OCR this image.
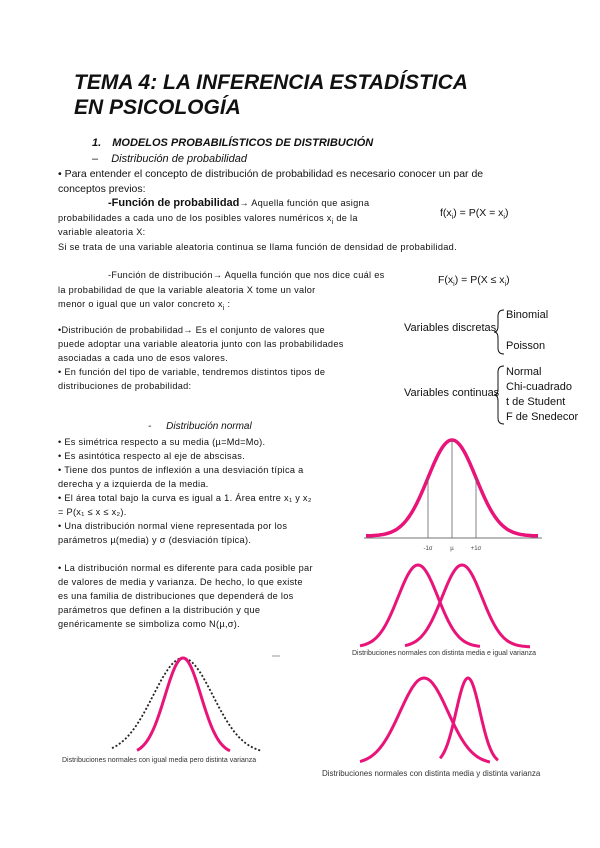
TEMA 4: LA INFERENCIA ESTADÍSTICA EN PSICOLOGÍA
1. MODELOS PROBABILÍSTICOS DE DISTRIBUCIÓN
– Distribución de probabilidad
• Para entender el concepto de distribución de probabilidad es necesario conocer un par de
conceptos previos:
-Función de probabilidad→ Aquella función que asigna
probabilidades a cada uno de los posibles valores numéricos $x_i$ de la
variable aleatoria X:
$f(x_i) = P(X = x_i)$
Si se trata de una variable aleatoria continua se llama función de densidad de probabilidad.
-Función de distribución→ Aquella función que nos dice cuál es
la probabilidad de que la variable aleatoria X tome un valor
menor o igual que un valor concreto $x_i$ :
$F(x_i) = P(X \le x_i)$
•Distribución de probabilidad→ Es el conjunto de valores que
puede adoptar una variable aleatoria junto con las probabilidades
asociadas a cada uno de esos valores.
• En función del tipo de variable, tendremos distintos tipos de
distribuciones de probabilidad:
Variables discretas
Binomial
Poisson
Variables continuas
Normal
Chi-cuadrado
t de Student
F de Snedecor
- Distribución normal
• Es simétrica respecto a su media (µ=Md=Mo).
• Es asintótica respecto al eje de abscisas.
• Tiene dos puntos de inflexión a una desviación típica a
derecha y a izquierda de la media.
• El área total bajo la curva es igual a 1. Área entre x₁ y x₂
= P(x₁ ≤ x ≤ x₂).
• Una distribución normal viene representada por los
parámetros µ(media) y σ (desviación típica).
• La distribución normal es diferente para cada posible par
de valores de media y varianza. De hecho, lo que existe
es una familia de distribuciones que dependerá de los
parámetros que definen a la distribución y que
genéricamente se simboliza como N(µ,σ).
-1σ	µ	+1σ
Distribuciones normales con distinta media e igual varianza
Distribuciones normales con igual media pero distinta varianza
Distribuciones normales con distinta media y distinta varianza
